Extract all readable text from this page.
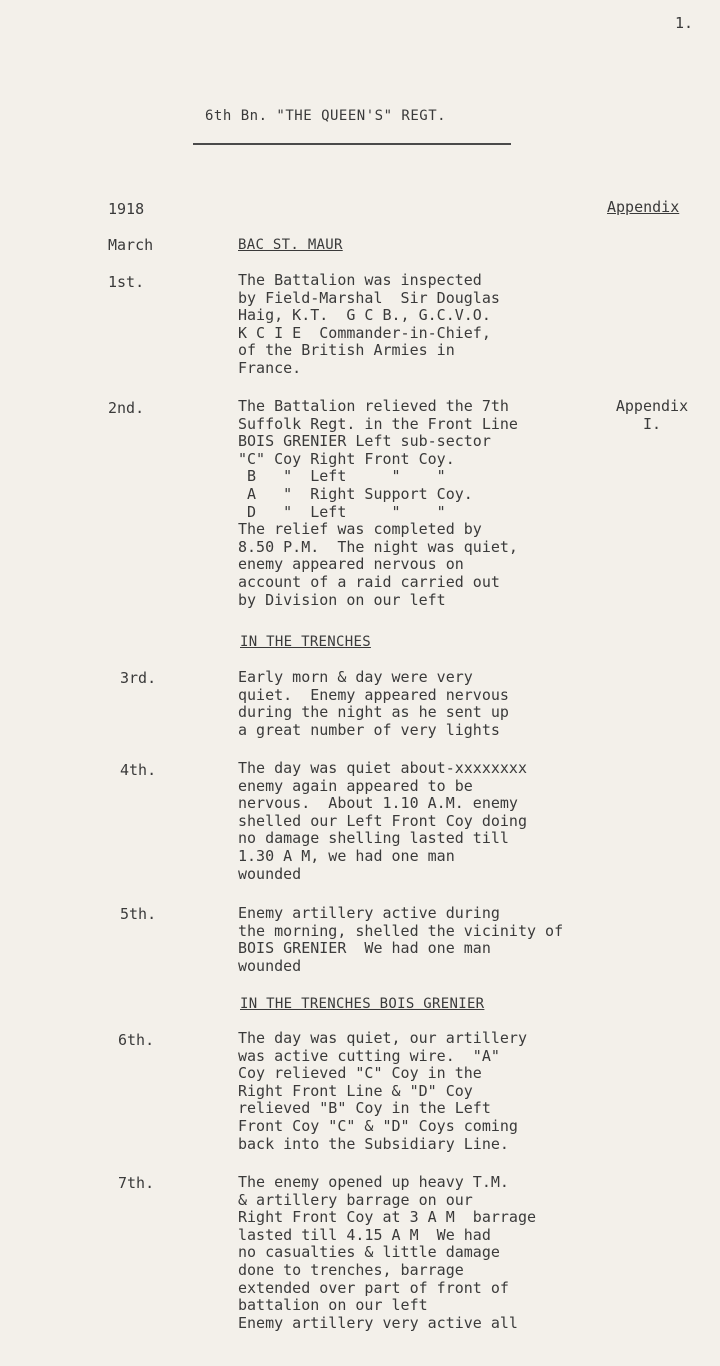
1.
6th Bn. "THE QUEEN'S" REGT.
1918	Appendix
March	BAC ST. MAUR
1st.	The Battalion was inspected
by Field-Marshal  Sir Douglas
Haig, K.T.  G C B., G.C.V.O.
K C I E  Commander-in-Chief,
of the British Armies in
France.
2nd.	The Battalion relieved the 7th
Suffolk Regt. in the Front Line
BOIS GRENIER Left sub-sector
"C" Coy Right Front Coy.
B   "  Left     "    "
A   "  Right Support Coy.
D   "  Left     "    "
The relief was completed by
8.50 P.M.  The night was quiet,
enemy appeared nervous on
account of a raid carried out
by Division on our left
Appendix
I.
IN THE TRENCHES
3rd.	Early morn & day were very
quiet.  Enemy appeared nervous
during the night as he sent up
a great number of very lights
4th.	The day was quiet about-xxxxxxxx
enemy again appeared to be
nervous.  About 1.10 A.M. enemy
shelled our Left Front Coy doing
no damage shelling lasted till
1.30 A M, we had one man
wounded
5th.	Enemy artillery active during
the morning, shelled the vicinity of
BOIS GRENIER  We had one man
wounded
IN THE TRENCHES BOIS GRENIER
6th.	The day was quiet, our artillery
was active cutting wire.  "A"
Coy relieved "C" Coy in the
Right Front Line & "D" Coy
relieved "B" Coy in the Left
Front Coy "C" & "D" Coys coming
back into the Subsidiary Line.
7th.	The enemy opened up heavy T.M.
& artillery barrage on our
Right Front Coy at 3 A M  barrage
lasted till 4.15 A M  We had
no casualties & little damage
done to trenches, barrage
extended over part of front of
battalion on our left
Enemy artillery very active all
